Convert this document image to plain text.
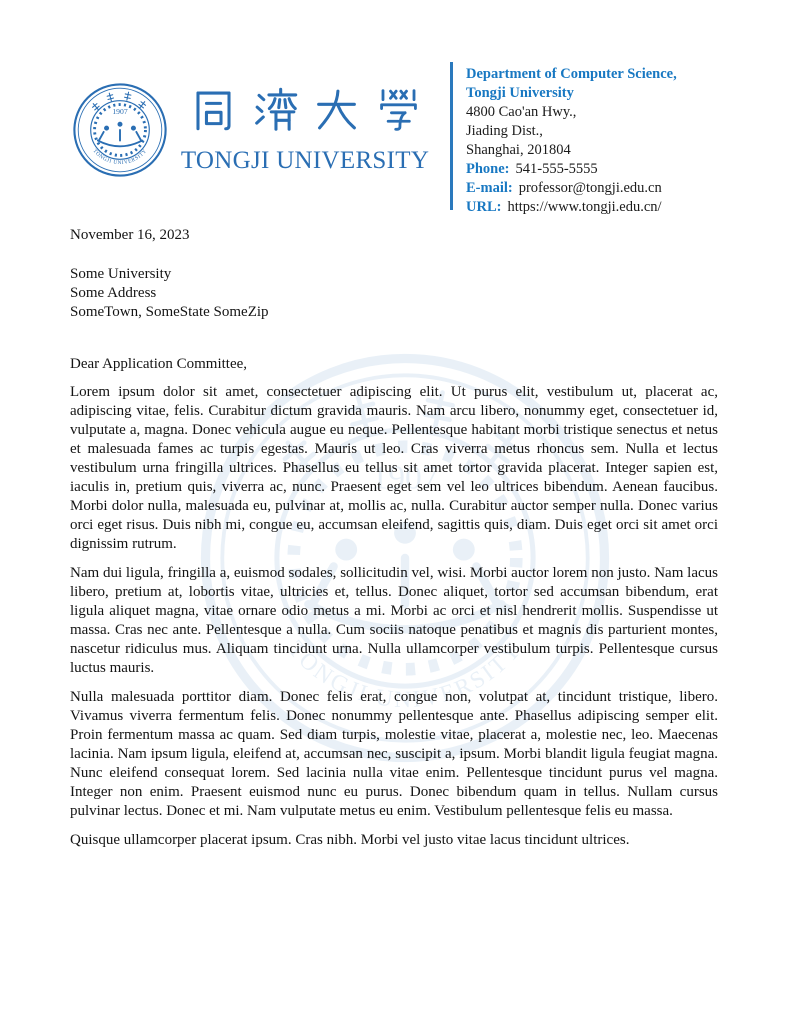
TONGJI UNIVERSITY
Department of Computer Science,
Tongji University
4800 Cao'an Hwy.,
Jiading Dist.,
Shanghai, 201804
Phone: 541-555-5555
E-mail: professor@tongji.edu.cn
URL: https://www.tongji.edu.cn/
November 16, 2023
Some University
Some Address
SomeTown, SomeState SomeZip
Dear Application Committee,

Lorem ipsum dolor sit amet, consectetuer adipiscing elit. Ut purus elit, vestibulum ut, placerat ac, adipiscing vitae, felis. Curabitur dictum gravida mauris. Nam arcu libero, nonummy eget, consectetuer id, vulputate a, magna. Donec vehicula augue eu neque. Pellentesque habitant morbi tristique senectus et netus et malesuada fames ac turpis egestas. Mauris ut leo. Cras viverra metus rhoncus sem. Nulla et lectus vestibulum urna fringilla ultrices. Phasellus eu tellus sit amet tortor gravida placerat. Integer sapien est, iaculis in, pretium quis, viverra ac, nunc. Praesent eget sem vel leo ultrices bibendum. Aenean faucibus. Morbi dolor nulla, malesuada eu, pulvinar at, mollis ac, nulla. Curabitur auctor semper nulla. Donec varius orci eget risus. Duis nibh mi, congue eu, accumsan eleifend, sagittis quis, diam. Duis eget orci sit amet orci dignissim rutrum.

Nam dui ligula, fringilla a, euismod sodales, sollicitudin vel, wisi. Morbi auctor lorem non justo. Nam lacus libero, pretium at, lobortis vitae, ultricies et, tellus. Donec aliquet, tortor sed accumsan bibendum, erat ligula aliquet magna, vitae ornare odio metus a mi. Morbi ac orci et nisl hendrerit mollis. Suspendisse ut massa. Cras nec ante. Pellentesque a nulla. Cum sociis natoque penatibus et magnis dis parturient montes, nascetur ridiculus mus. Aliquam tincidunt urna. Nulla ullamcorper vestibulum turpis. Pellentesque cursus luctus mauris.

Nulla malesuada porttitor diam. Donec felis erat, congue non, volutpat at, tincidunt tristique, libero. Vivamus viverra fermentum felis. Donec nonummy pellentesque ante. Phasellus adipiscing semper elit. Proin fermentum massa ac quam. Sed diam turpis, molestie vitae, placerat a, molestie nec, leo. Maecenas lacinia. Nam ipsum ligula, eleifend at, accumsan nec, suscipit a, ipsum. Morbi blandit ligula feugiat magna. Nunc eleifend consequat lorem. Sed lacinia nulla vitae enim. Pellentesque tincidunt purus vel magna. Integer non enim. Praesent euismod nunc eu purus. Donec bibendum quam in tellus. Nullam cursus pulvinar lectus. Donec et mi. Nam vulputate metus eu enim. Vestibulum pellentesque felis eu massa.

Quisque ullamcorper placerat ipsum. Cras nibh. Morbi vel justo vitae lacus tincidunt ultrices.
